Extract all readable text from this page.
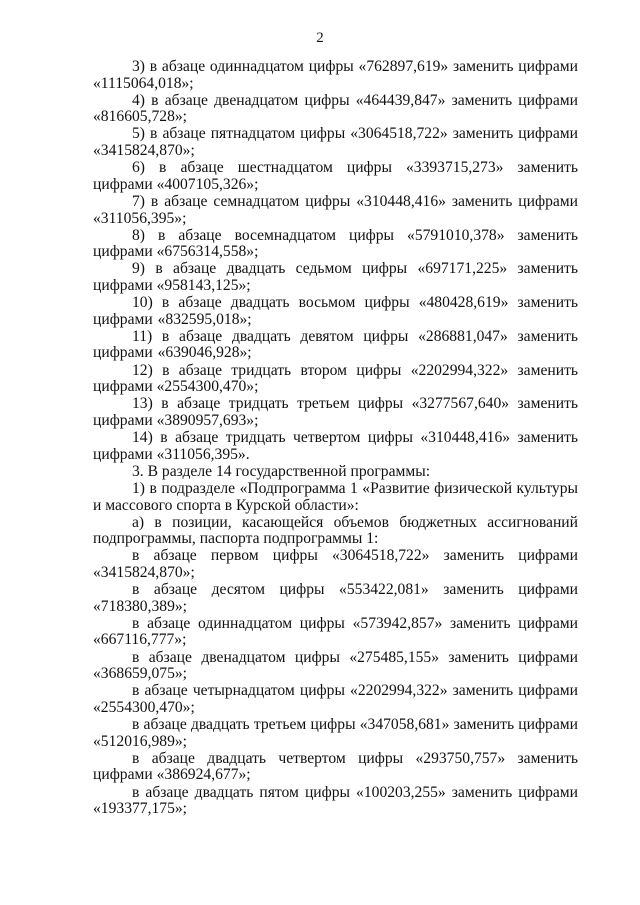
2

3) в абзаце одиннадцатом цифры «762897,619» заменить цифрами «1115064,018»;

4) в абзаце двенадцатом цифры «464439,847» заменить цифрами «816605,728»;

5) в абзаце пятнадцатом цифры «3064518,722» заменить цифрами «3415824,870»;

6) в абзаце шестнадцатом цифры «3393715,273» заменить цифрами «4007105,326»;

7) в абзаце семнадцатом цифры «310448,416» заменить цифрами «311056,395»;

8) в абзаце восемнадцатом цифры «5791010,378» заменить цифрами «6756314,558»;

9) в абзаце двадцать седьмом цифры «697171,225» заменить цифрами «958143,125»;

10) в абзаце двадцать восьмом цифры «480428,619» заменить цифрами «832595,018»;

11) в абзаце двадцать девятом цифры «286881,047» заменить цифрами «639046,928»;

12) в абзаце тридцать втором цифры «2202994,322» заменить цифрами «2554300,470»;

13) в абзаце тридцать третьем цифры «3277567,640» заменить цифрами «3890957,693»;

14) в абзаце тридцать четвертом цифры «310448,416» заменить цифрами «311056,395».

3. В разделе 14 государственной программы:

1) в подразделе «Подпрограмма 1 «Развитие физической культуры и массового спорта в Курской области»:

а) в позиции, касающейся объемов бюджетных ассигнований подпрограммы, паспорта подпрограммы 1:

в абзаце первом цифры «3064518,722» заменить цифрами «3415824,870»;

в абзаце десятом цифры «553422,081» заменить цифрами «718380,389»;

в абзаце одиннадцатом цифры «573942,857» заменить цифрами «667116,777»;

в абзаце двенадцатом цифры «275485,155» заменить цифрами «368659,075»;

в абзаце четырнадцатом цифры «2202994,322» заменить цифрами «2554300,470»;

в абзаце двадцать третьем цифры «347058,681» заменить цифрами «512016,989»;

в абзаце двадцать четвертом цифры «293750,757» заменить цифрами «386924,677»;

в абзаце двадцать пятом цифры «100203,255» заменить цифрами «193377,175»;
